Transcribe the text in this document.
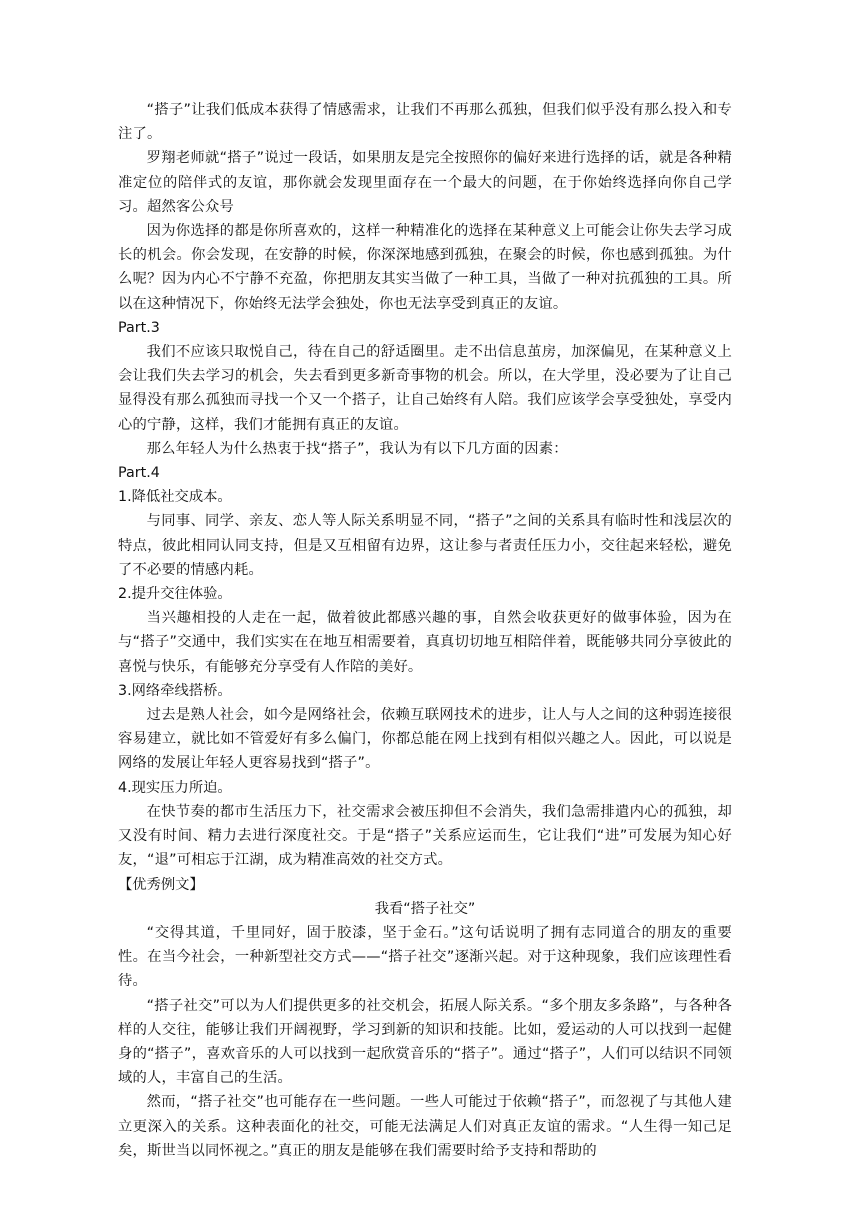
“搭子”让我们低成本获得了情感需求，让我们不再那么孤独，但我们似乎没有那么投入和专注了。

罗翔老师就“搭子”说过一段话，如果朋友是完全按照你的偏好来进行选择的话，就是各种精准定位的陪伴式的友谊，那你就会发现里面存在一个最大的问题，在于你始终选择向你自己学习。超然客公众号

因为你选择的都是你所喜欢的，这样一种精准化的选择在某种意义上可能会让你失去学习成长的机会。你会发现，在安静的时候，你深深地感到孤独，在聚会的时候，你也感到孤独。为什么呢？因为内心不宁静不充盈，你把朋友其实当做了一种工具，当做了一种对抗孤独的工具。所以在这种情况下，你始终无法学会独处，你也无法享受到真正的友谊。

Part.3

我们不应该只取悦自己，待在自己的舒适圈里。走不出信息茧房，加深偏见，在某种意义上会让我们失去学习的机会，失去看到更多新奇事物的机会。所以，在大学里，没必要为了让自己显得没有那么孤独而寻找一个又一个搭子，让自己始终有人陪。我们应该学会享受独处，享受内心的宁静，这样，我们才能拥有真正的友谊。

那么年轻人为什么热衷于找“搭子”，我认为有以下几方面的因素：

Part.4

1.降低社交成本。

与同事、同学、亲友、恋人等人际关系明显不同，“搭子”之间的关系具有临时性和浅层次的特点，彼此相同认同支持，但是又互相留有边界，这让参与者责任压力小，交往起来轻松，避免了不必要的情感内耗。

2.提升交往体验。

当兴趣相投的人走在一起，做着彼此都感兴趣的事，自然会收获更好的做事体验，因为在与“搭子”交通中，我们实实在在地互相需要着，真真切切地互相陪伴着，既能够共同分享彼此的喜悦与快乐，有能够充分享受有人作陪的美好。

3.网络牵线搭桥。

过去是熟人社会，如今是网络社会，依赖互联网技术的进步，让人与人之间的这种弱连接很容易建立，就比如不管爱好有多么偏门，你都总能在网上找到有相似兴趣之人。因此，可以说是网络的发展让年轻人更容易找到“搭子”。

4.现实压力所迫。

在快节奏的都市生活压力下，社交需求会被压抑但不会消失，我们急需排遣内心的孤独，却又没有时间、精力去进行深度社交。于是“搭子”关系应运而生，它让我们“进”可发展为知心好友，“退”可相忘于江湖，成为精准高效的社交方式。

【优秀例文】

我看“搭子社交”

“交得其道，千里同好，固于胶漆，坚于金石。”这句话说明了拥有志同道合的朋友的重要性。在当今社会，一种新型社交方式——“搭子社交”逐渐兴起。对于这种现象，我们应该理性看待。

“搭子社交”可以为人们提供更多的社交机会，拓展人际关系。“多个朋友多条路”，与各种各样的人交往，能够让我们开阔视野，学习到新的知识和技能。比如，爱运动的人可以找到一起健身的“搭子”，喜欢音乐的人可以找到一起欣赏音乐的“搭子”。通过“搭子”，人们可以结识不同领域的人，丰富自己的生活。

然而，“搭子社交”也可能存在一些问题。一些人可能过于依赖“搭子”，而忽视了与其他人建立更深入的关系。这种表面化的社交，可能无法满足人们对真正友谊的需求。“人生得一知己足矣，斯世当以同怀视之。”真正的朋友是能够在我们需要时给予支持和帮助的
